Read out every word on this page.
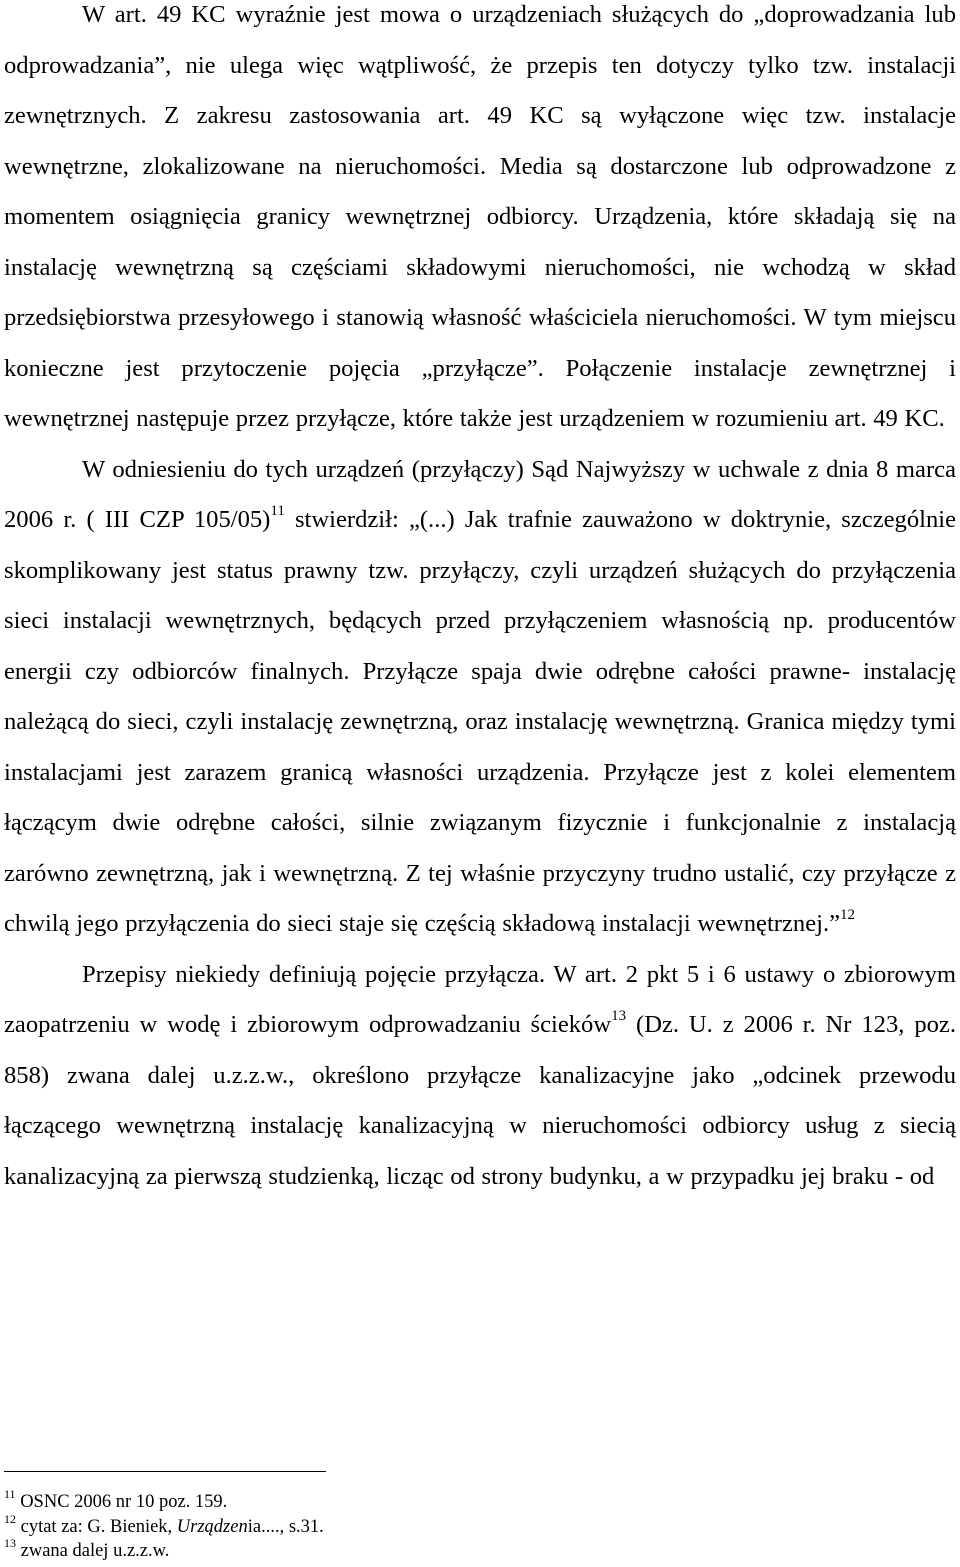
W art. 49 KC wyraźnie jest mowa o urządzeniach służących do „doprowadzania lub odprowadzania”, nie ulega więc wątpliwość, że przepis ten dotyczy tylko tzw. instalacji zewnętrznych. Z zakresu zastosowania art. 49 KC są wyłączone więc tzw. instalacje wewnętrzne, zlokalizowane na nieruchomości. Media są dostarczone lub odprowadzone z momentem osiągnięcia granicy wewnętrznej odbiorcy. Urządzenia, które składają się na instalację wewnętrzną są częściami składowymi nieruchomości, nie wchodzą w skład przedsiębiorstwa przesyłowego i stanowią własność właściciela nieruchomości. W tym miejscu konieczne jest przytoczenie pojęcia „przyłącze”. Połączenie instalacje zewnętrznej i wewnętrznej następuje przez przyłącze, które także jest urządzeniem w rozumieniu art. 49 KC.

W odniesieniu do tych urządzeń (przyłączy) Sąd Najwyższy w uchwale z dnia 8 marca 2006 r. ( III CZP 105/05)$^{11}$ stwierdził: „(...) Jak trafnie zauważono w doktrynie, szczególnie skomplikowany jest status prawny tzw. przyłączy, czyli urządzeń służących do przyłączenia sieci instalacji wewnętrznych, będących przed przyłączeniem własnością np. producentów energii czy odbiorców finalnych. Przyłącze spaja dwie odrębne całości prawne- instalację należącą do sieci, czyli instalację zewnętrzną, oraz instalację wewnętrzną. Granica między tymi instalacjami jest zarazem granicą własności urządzenia. Przyłącze jest z kolei elementem łączącym dwie odrębne całości, silnie związanym fizycznie i funkcjonalnie z instalacją zarówno zewnętrzną, jak i wewnętrzną. Z tej właśnie przyczyny trudno ustalić, czy przyłącze z chwilą jego przyłączenia do sieci staje się częścią składową instalacji wewnętrznej.”$^{12}$

Przepisy niekiedy definiują pojęcie przyłącza. W art. 2 pkt 5 i 6 ustawy o zbiorowym zaopatrzeniu w wodę i zbiorowym odprowadzaniu ścieków$^{13}$ (Dz. U. z 2006 r. Nr 123, poz. 858) zwana dalej u.z.z.w., określono przyłącze kanalizacyjne jako „odcinek przewodu łączącego wewnętrzną instalację kanalizacyjną w nieruchomości odbiorcy usług z siecią kanalizacyjną za pierwszą studzienką, licząc od strony budynku, a w przypadku jej braku - od

$^{11}$ OSNC 2006 nr 10 poz. 159.

$^{12}$ cytat za: G. Bieniek, Urządzenia...., s.31.

$^{13}$ zwana dalej u.z.z.w.
